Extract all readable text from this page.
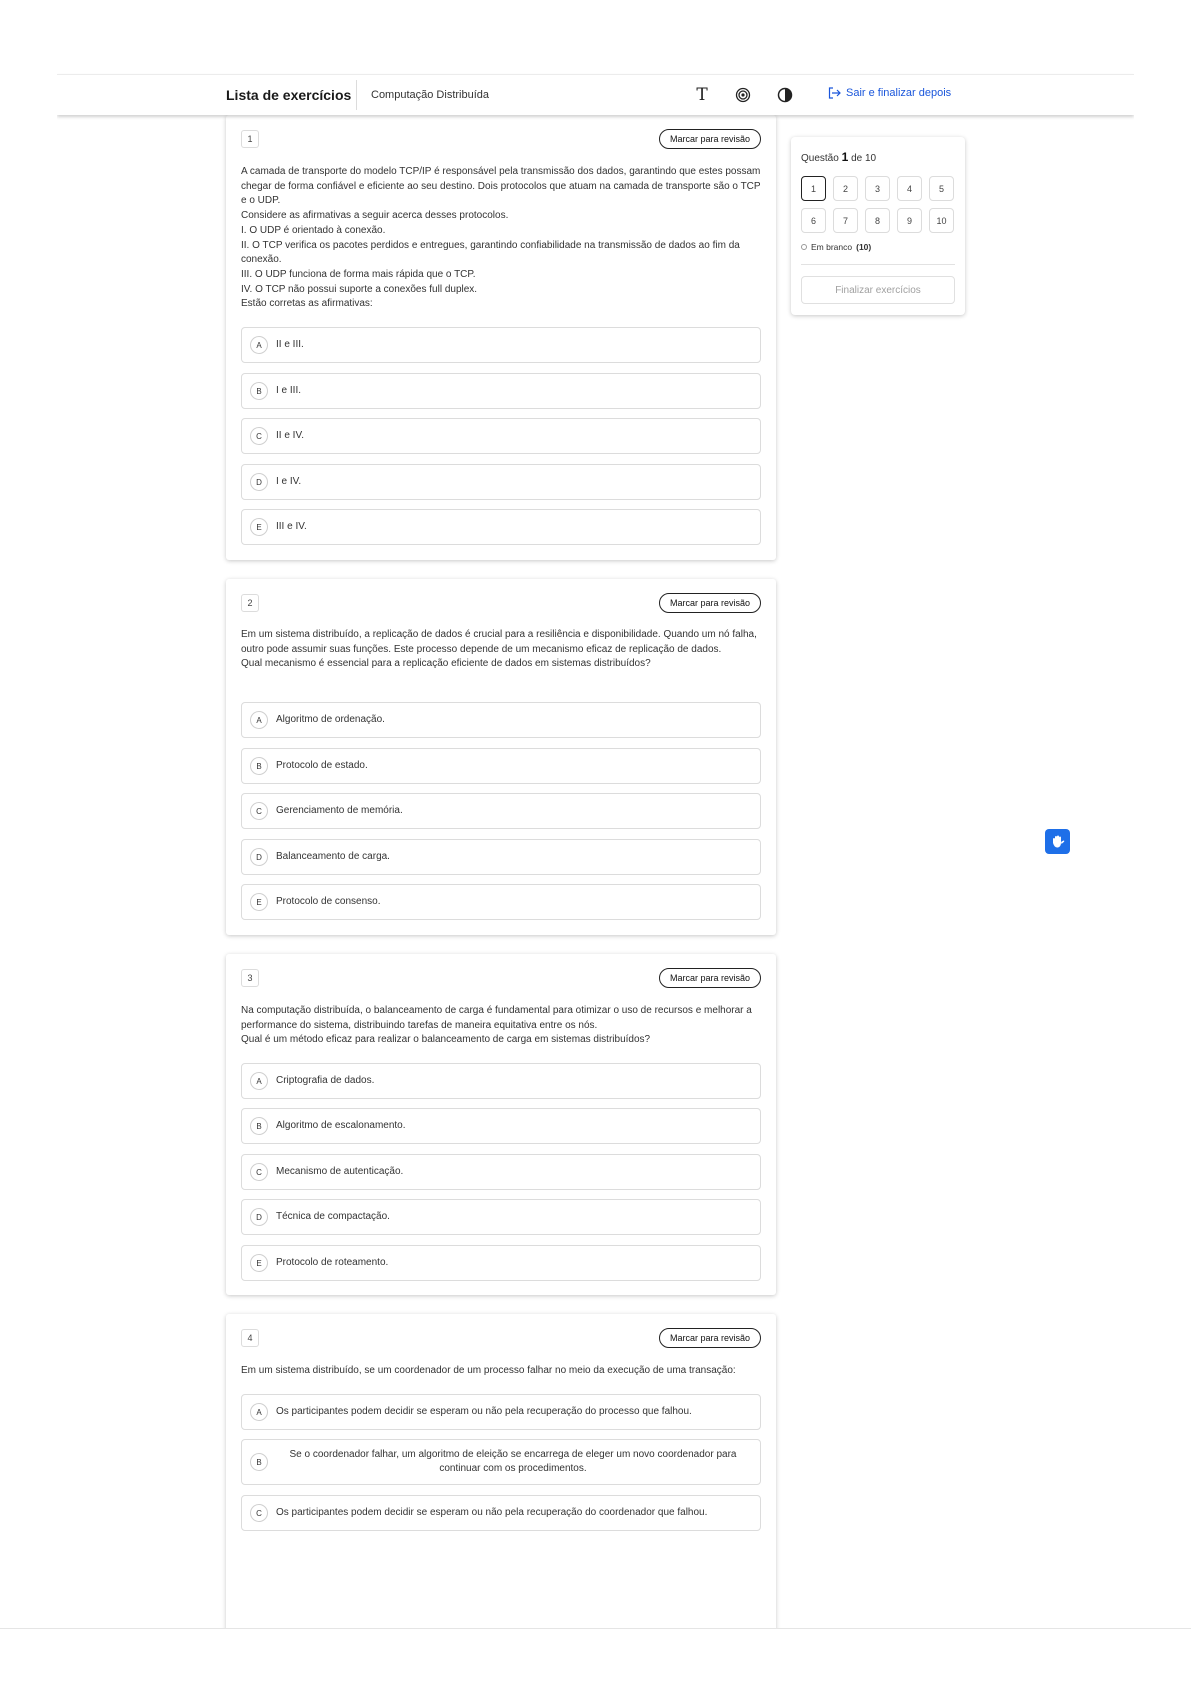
Lista de exercícios Computação Distribuída	T	Sair e finalizar depois
1	Marcar para revisão

A camada de transporte do modelo TCP/IP é responsável pela transmissão dos dados, garantindo que estes possam chegar de forma confiável e eficiente ao seu destino. Dois protocolos que atuam na camada de transporte são o TCP e o UDP.

Considere as afirmativas a seguir acerca desses protocolos.

I. O UDP é orientado à conexão.

II. O TCP verifica os pacotes perdidos e entregues, garantindo confiabilidade na transmissão de dados ao fim da conexão.

III. O UDP funciona de forma mais rápida que o TCP.

IV. O TCP não possui suporte a conexões full duplex.

Estão corretas as afirmativas:

A	II e III.
B	I e III.
C	II e IV.
D	I e IV.
E	III e IV.
2	Marcar para revisão

Em um sistema distribuído, a replicação de dados é crucial para a resiliência e disponibilidade. Quando um nó falha, outro pode assumir suas funções. Este processo depende de um mecanismo eficaz de replicação de dados.

Qual mecanismo é essencial para a replicação eficiente de dados em sistemas distribuídos?

A	Algoritmo de ordenação.
B	Protocolo de estado.
C	Gerenciamento de memória.
D	Balanceamento de carga.
E	Protocolo de consenso.
3	Marcar para revisão

Na computação distribuída, o balanceamento de carga é fundamental para otimizar o uso de recursos e melhorar a performance do sistema, distribuindo tarefas de maneira equitativa entre os nós.

Qual é um método eficaz para realizar o balanceamento de carga em sistemas distribuídos?

A	Criptografia de dados.
B	Algoritmo de escalonamento.
C	Mecanismo de autenticação.
D	Técnica de compactação.
E	Protocolo de roteamento.
4	Marcar para revisão

Em um sistema distribuído, se um coordenador de um processo falhar no meio da execução de uma transação:

A	Os participantes podem decidir se esperam ou não pela recuperação do processo que falhou.
B
Se o coordenador falhar, um algoritmo de eleição se encarrega de eleger um novo coordenador para continuar com os procedimentos.
C	Os participantes podem decidir se esperam ou não pela recuperação do coordenador que falhou.
Questão 1 de 10
1	2	3	4	5
6	7	8	9	10
Em branco (10)
Finalizar exercícios
